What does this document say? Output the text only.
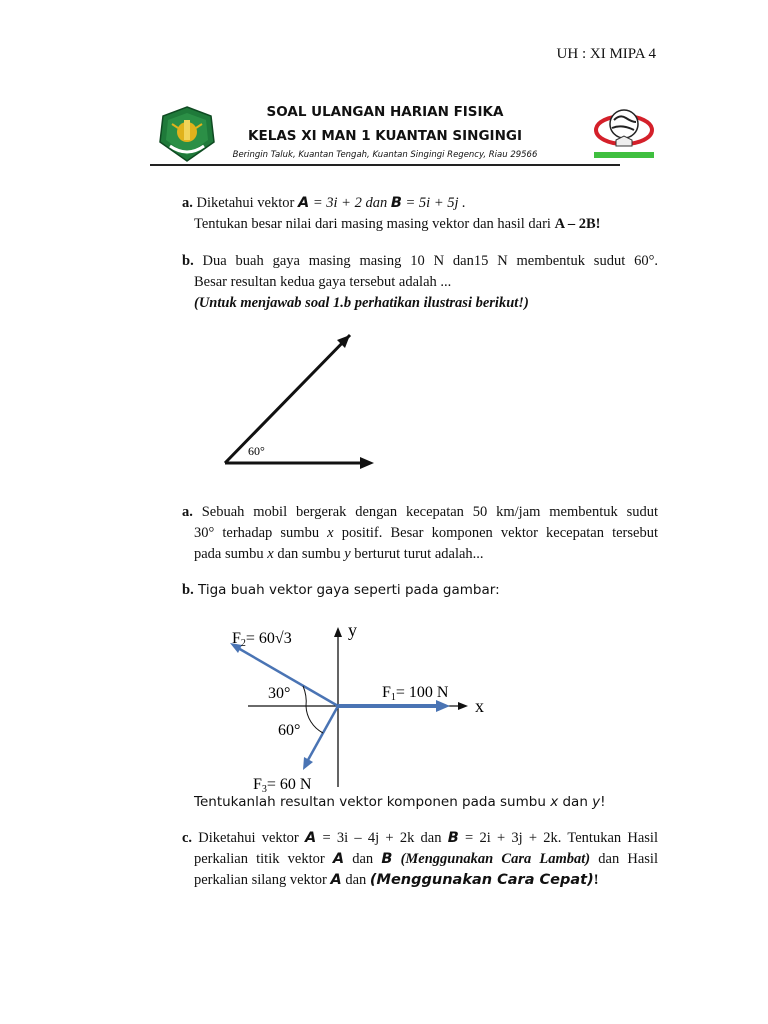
UH : XI MIPA 4
SOAL ULANGAN HARIAN FISIKA
KELAS XI MAN 1 KUANTAN SINGINGI
Beringin Taluk, Kuantan Tengah, Kuantan Singingi Regency, Riau 29566

a. Diketahui vektor A = 3i + 2 dan B = 5i + 5j .

Tentukan besar nilai dari masing masing vektor dan hasil dari A – 2B!

b. Dua buah gaya masing masing 10 N dan15 N membentuk sudut 60°.

Besar resultan kedua gaya tersebut adalah ...

(Untuk menjawab soal 1.b perhatikan ilustrasi berikut!)

60°

a. Sebuah mobil bergerak dengan kecepatan 50 km/jam membentuk sudut

30° terhadap sumbu x positif. Besar komponen vektor kecepatan tersebut

pada sumbu x dan sumbu y berturut turut adalah...

b. Tiga buah vektor gaya seperti pada gambar:

y
x
F1= 100 N
F2= 60√3
F3= 60 N
30°
60°

Tentukanlah resultan vektor komponen pada sumbu x dan y!

c. Diketahui vektor A = 3i – 4j + 2k dan B = 2i + 3j + 2k. Tentukan Hasil

perkalian titik vektor A dan B (Menggunakan Cara Lambat) dan Hasil

perkalian silang vektor A dan (Menggunakan Cara Cepat)!
